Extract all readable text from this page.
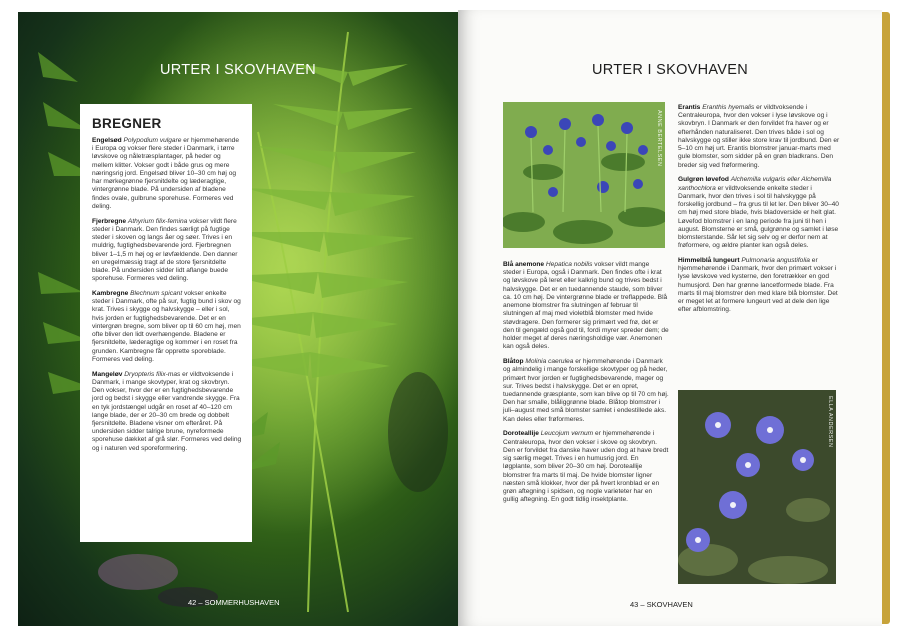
URTER I SKOVHAVEN
BREGNER

Engelsød Polypodium vulgare er hjemmehørende i Europa og vokser flere steder i Danmark, i tørre løvskove og nåletræsplantager, på heder og mellem klitter. Vokser godt i både grus og mere næringsrig jord. Engelsød bliver 10–30 cm høj og har mørkegrønne fjersnitdelte og læderagtige, vintergrønne blade. På undersiden af bladene findes ovale, gulbrune sporehuse. Formeres ved deling.

Fjerbregne Athyrium filix-femina vokser vildt flere steder i Danmark. Den findes særligt på fugtige steder i skoven og langs åer og søer. Trives i en muldrig, fugtighedsbevarende jord. Fjerbregnen bliver 1–1,5 m høj og er løvfældende. Den danner en uregelmæssig tragt af de store fjersnitdelte blade. På undersiden sidder lidt aflange buede sporehuse. Formeres ved deling.

Kambregne Blechnum spicant vokser enkelte steder i Danmark, ofte på sur, fugtig bund i skov og krat. Trives i skygge og halvskygge – eller i sol, hvis jorden er fugtighedsbevarende. Det er en vintergrøn bregne, som bliver op til 60 cm høj, men ofte bliver den lidt overhængende. Bladene er fjersnitdelte, læderagtige og kommer i en roset fra grunden. Kambregne får opprette sporeblade. Formeres ved deling.

Mangeløv Dryopteris filix-mas er vildtvoksende i Danmark, i mange skovtyper, krat og skovbryn. Den vokser, hvor der er en fugtighedsbevarende jord og bedst i skygge eller vandrende skygge. Fra en tyk jordstængel udgår en roset af 40–120 cm lange blade, der er 20–30 cm brede og dobbelt fjersnitdelte. Bladene visner om efteråret. På undersiden sidder talrige brune, nyreformede sporehuse dækket af grå slør. Formeres ved deling og i naturen ved sporeformering.

42 – SOMMERHUSHAVEN
URTER I SKOVHAVEN
ANNE BERTELSEN

Blå anemone Hepatica nobilis vokser vildt mange steder i Europa, også i Danmark. Den findes ofte i krat og løvskove på leret eller kalkrig bund og trives bedst i halvskygge. Det er en tuedannende staude, som bliver ca. 10 cm høj. De vintergrønne blade er treflappede. Blå anemone blomstrer fra slutningen af februar til slutningen af maj med violetblå blomster med hvide støvdragere. Den formerer sig primært ved frø, det er den til gengæld også god til, fordi myrer spreder dem; de holder meget af deres næringsholdige vær. Anemonen kan også deles.

Blåtop Molinia caerulea er hjemmehørende i Danmark og almindelig i mange forskellige skovtyper og på heder, primært hvor jorden er fugtighedsbevarende, mager og sur. Trives bedst i halvskygge. Det er en opret, tuedannende græsplante, som kan blive op til 70 cm høj. Den har smalle, blåliggrønne blade. Blåtop blomstrer i juli–august med små blomster samlet i endestillede aks. Kan deles eller frøformeres.

Doroteallije Leucojum vernum er hjemmehørende i Centraleuropa, hvor den vokser i skove og skovbryn. Den er forvildet fra danske haver uden dog at have bredt sig særlig meget. Trives i en humusrig jord. En løgplante, som bliver 20–30 cm høj. Doroteallije blomstrer fra marts til maj. De hvide blomster ligner næsten små klokker, hvor der på hvert kronblad er en grøn aftegning i spidsen, og nogle varieteter har en gullig aftegning. En godt tidlig insektplante.

Erantis Eranthis hyemalis er vildtvoksende i Centraleuropa, hvor den vokser i lyse løvskove og i skovbryn. I Danmark er den forvildet fra haver og er efterhånden naturaliseret. Den trives både i sol og halvskygge og stiller ikke store krav til jordbund. Den er 5–10 cm høj urt. Erantis blomstrer januar-marts med gule blomster, som sidder på en grøn bladkrans. Den breder sig ved frøformering.

Gulgrøn løvefod Alchemilla vulgaris eller Alchemilla xanthochlora er vildtvoksende enkelte steder i Danmark, hvor den trives i sol til halvskygge på forskellig jordbund – fra grus til let ler. Den bliver 30–40 cm høj med store blade, hvis bladoverside er helt glat. Løvefod blomstrer i en lang periode fra juni til hen i august. Blomsterne er små, gulgrønne og samlet i løse blomsterstande. Sår let sig selv og er derfor nem at frøformere, og ældre planter kan også deles.

Himmelblå lungeurt Pulmonaria angustifolia er hjemmehørende i Danmark, hvor den primært vokser i lyse løvskove ved kysterne, den foretrækker en god humusjord. Den har grønne lancetformede blade. Fra marts til maj blomstrer den med klare blå blomster. Det er meget let at formere lungeurt ved at dele den lige efter afblomstring.

ELLA ANDERSEN
43 – SKOVHAVEN
